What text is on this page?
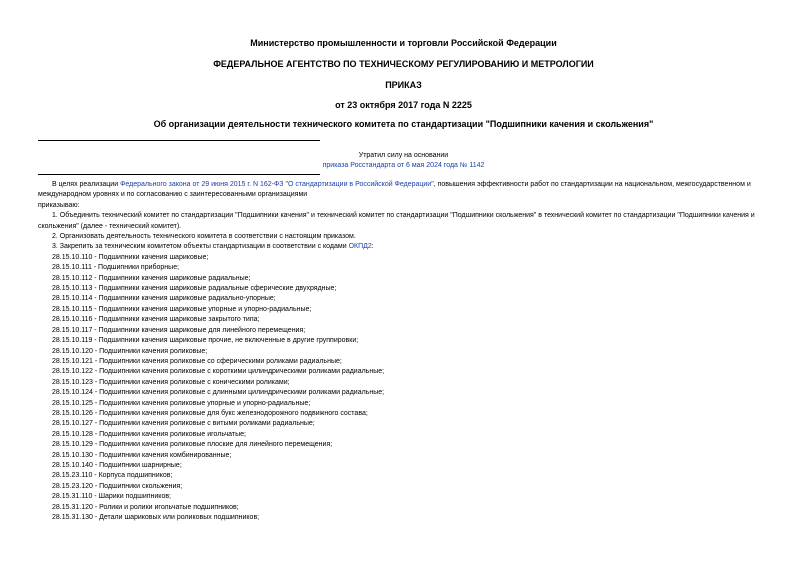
Министерство промышленности и торговли Российской Федерации
ФЕДЕРАЛЬНОЕ АГЕНТСТВО ПО ТЕХНИЧЕСКОМУ РЕГУЛИРОВАНИЮ И МЕТРОЛОГИИ
ПРИКАЗ
от 23 октября 2017 года N 2225
Об организации деятельности технического комитета по стандартизации "Подшипники качения и скольжения"
Утратил силу на основании
приказа Росстандарта от 6 мая 2024 года № 1142

В целях реализации Федерального закона от 29 июня 2015 г. N 162-ФЗ "О стандартизации в Российской Федерации", повышения эффективности работ по стандартизации на национальном, межгосударственном и международном уровнях и по согласованию с заинтересованными организациями

приказываю:

1. Объединить технический комитет по стандартизации "Подшипники качения" и технический комитет по стандартизации "Подшипники скольжения" в технический комитет по стандартизации "Подшипники качения и скольжения" (далее - технический комитет).

2. Организовать деятельность технического комитета в соответствии с настоящим приказом.

3. Закрепить за техническим комитетом объекты стандартизации в соответствии с кодами ОКПД2:

28.15.10.110 - Подшипники качения шариковые;

28.15.10.111 - Подшипники приборные;

28.15.10.112 - Подшипники качения шариковые радиальные;

28.15.10.113 - Подшипники качения шариковые радиальные сферические двухрядные;

28.15.10.114 - Подшипники качения шариковые радиально-упорные;

28.15.10.115 - Подшипники качения шариковые упорные и упорно-радиальные;

28.15.10.116 - Подшипники качения шариковые закрытого типа;

28.15.10.117 - Подшипники качения шариковые для линейного перемещения;

28.15.10.119 - Подшипники качения шариковые прочие, не включенные в другие группировки;

28.15.10.120 - Подшипники качения роликовые;

28.15.10.121 - Подшипники качения роликовые со сферическими роликами радиальные;

28.15.10.122 - Подшипники качения роликовые с короткими цилиндрическими роликами радиальные;

28.15.10.123 - Подшипники качения роликовые с коническими роликами;

28.15.10.124 - Подшипники качения роликовые с длинными цилиндрическими роликами радиальные;

28.15.10.125 - Подшипники качения роликовые упорные и упорно-радиальные;

28.15.10.126 - Подшипники качения роликовые для букс железнодорожного подвижного состава;

28.15.10.127 - Подшипники качения роликовые с витыми роликами радиальные;

28.15.10.128 - Подшипники качения роликовые игольчатые;

28.15.10.129 - Подшипники качения роликовые плоские для линейного перемещения;

28.15.10.130 - Подшипники качения комбинированные;

28.15.10.140 - Подшипники шарнирные;

28.15.23.110 - Корпуса подшипников;

28.15.23.120 - Подшипники скольжения;

28.15.31.110 - Шарики подшипников;

28.15.31.120 - Ролики и ролики игольчатые подшипников;

28.15.31.130 - Детали шариковых или роликовых подшипников;
